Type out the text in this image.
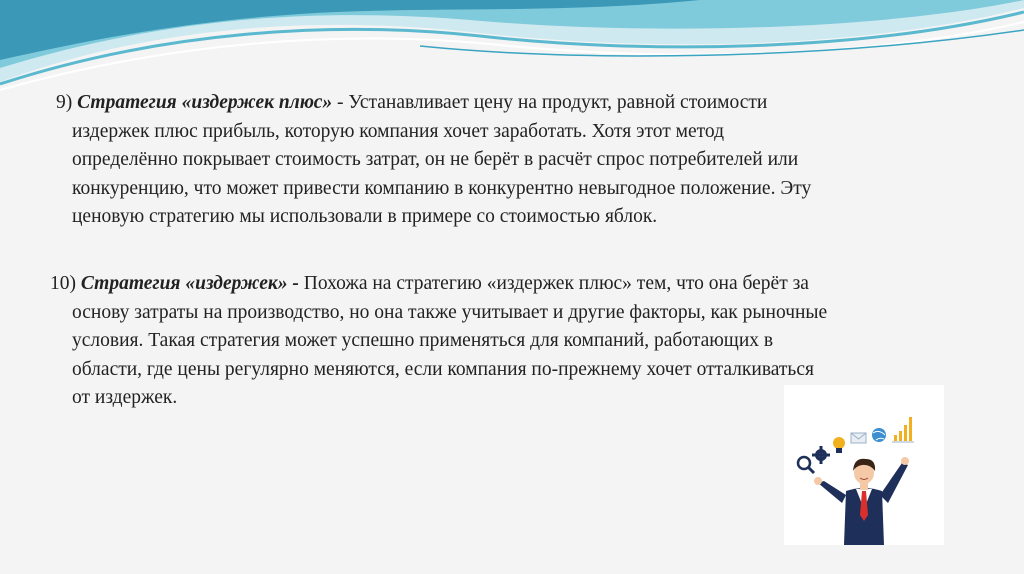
9) Стратегия «издержек плюс» - Устанавливает цену на продукт, равной стоимости
издержек плюс прибыль, которую компания хочет заработать. Хотя этот метод
определённо покрывает стоимость затрат, он не берёт в расчёт спрос потребителей или
конкуренцию, что может привести компанию в конкурентно невыгодное положение. Эту
ценовую стратегию мы использовали в примере со стоимостью яблок.
10) Стратегия «издержек» - Похожа на стратегию «издержек плюс» тем, что она берёт за
основу затраты на производство, но она также учитывает и другие факторы, как рыночные
условия. Такая стратегия может успешно применяться для компаний, работающих в
области, где цены регулярно меняются, если компания по-прежнему хочет отталкиваться
от издержек.
